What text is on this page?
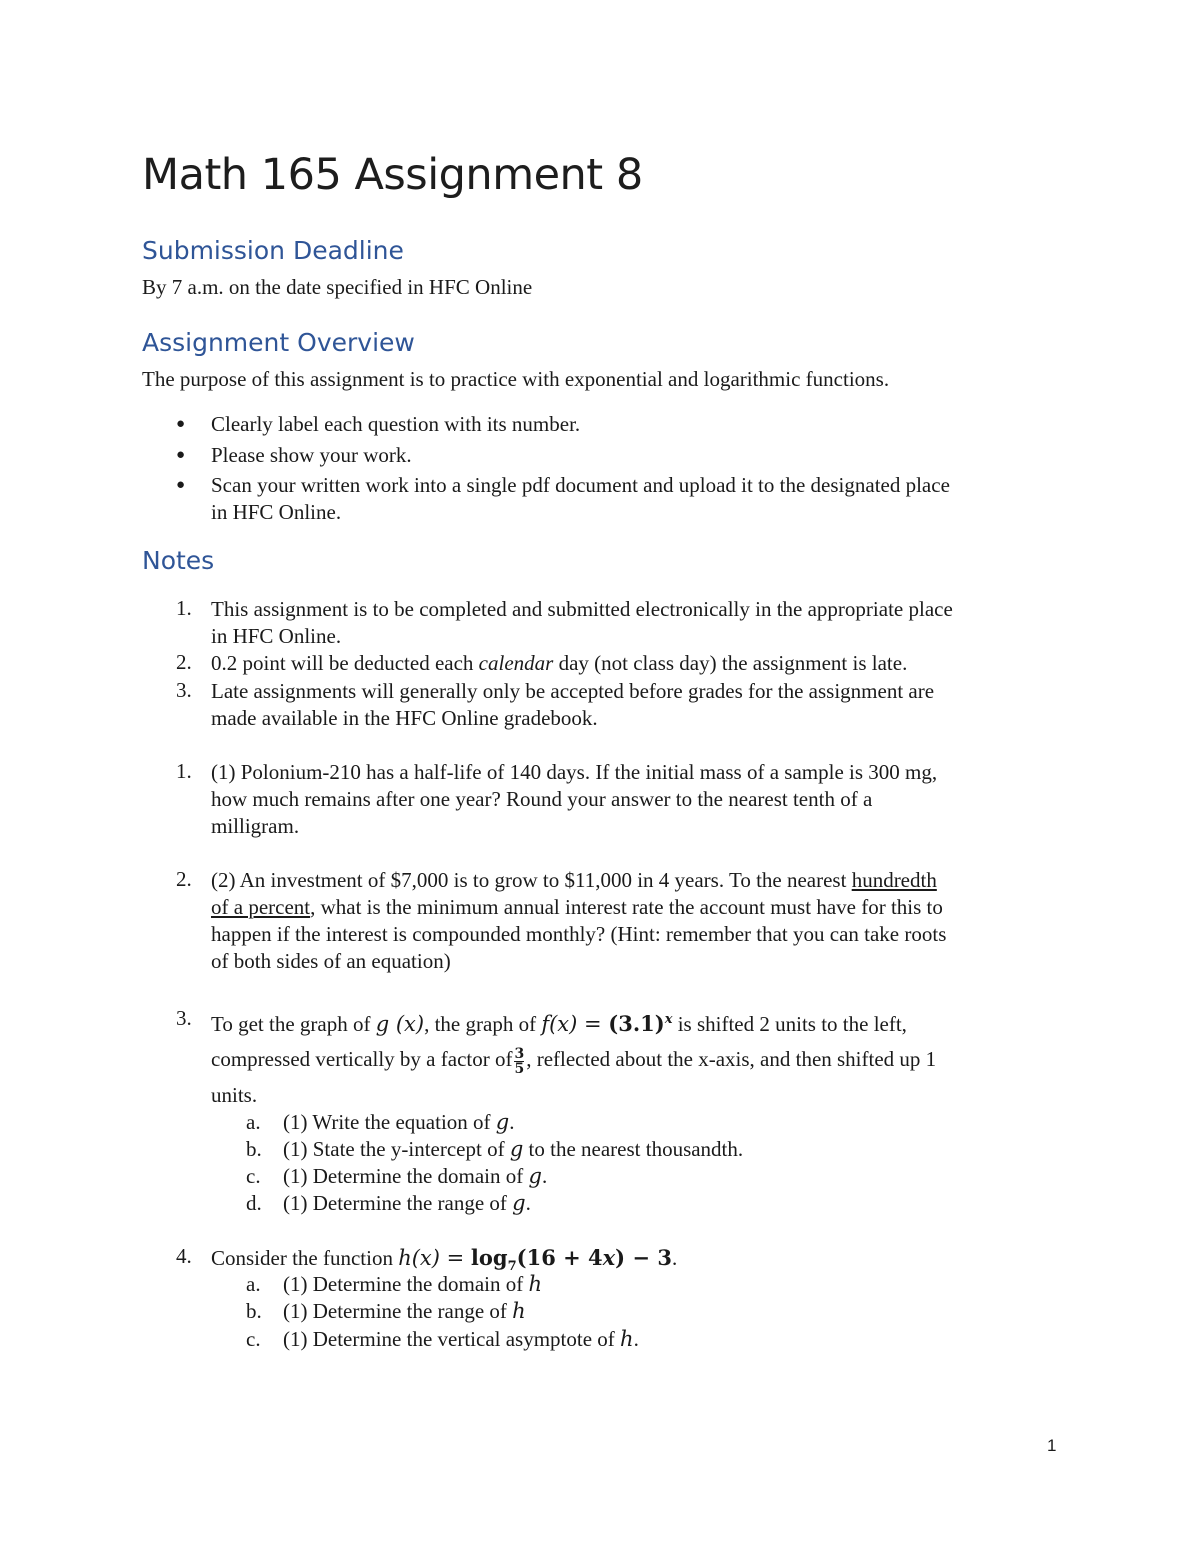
Math 165 Assignment 8
Submission Deadline
By 7 a.m. on the date specified in HFC Online
Assignment Overview
The purpose of this assignment is to practice with exponential and logarithmic functions.
● Clearly label each question with its number.
● Please show your work.
● Scan your written work into a single pdf document and upload it to the designated place
in HFC Online.
Notes
1. This assignment is to be completed and submitted electronically in the appropriate place
in HFC Online.
2. 0.2 point will be deducted each calendar day (not class day) the assignment is late.
3. Late assignments will generally only be accepted before grades for the assignment are
made available in the HFC Online gradebook.
1. (1) Polonium-210 has a half-life of 140 days. If the initial mass of a sample is 300 mg,
how much remains after one year? Round your answer to the nearest tenth of a
milligram.
2. (2) An investment of $7,000 is to grow to $11,000 in 4 years. To the nearest hundredth
of a percent, what is the minimum annual interest rate the account must have for this to
happen if the interest is compounded monthly? (Hint: remember that you can take roots
of both sides of an equation)
3. To get the graph of g (x), the graph of $f(x) = (3.1)^x$ is shifted 2 units to the left,
compressed vertically by a factor of $\frac{3}{5}$ , reflected about the x-axis, and then shifted up 1
units.
a. (1) Write the equation of g.
b. (1) State the y-intercept of g to the nearest thousandth.
c. (1) Determine the domain of g.
d. (1) Determine the range of g.
4. Consider the function $h(x) = \log_7(16 + 4x) - 3$.
a. (1) Determine the domain of h
b. (1) Determine the range of h
c. (1) Determine the vertical asymptote of h.
1
